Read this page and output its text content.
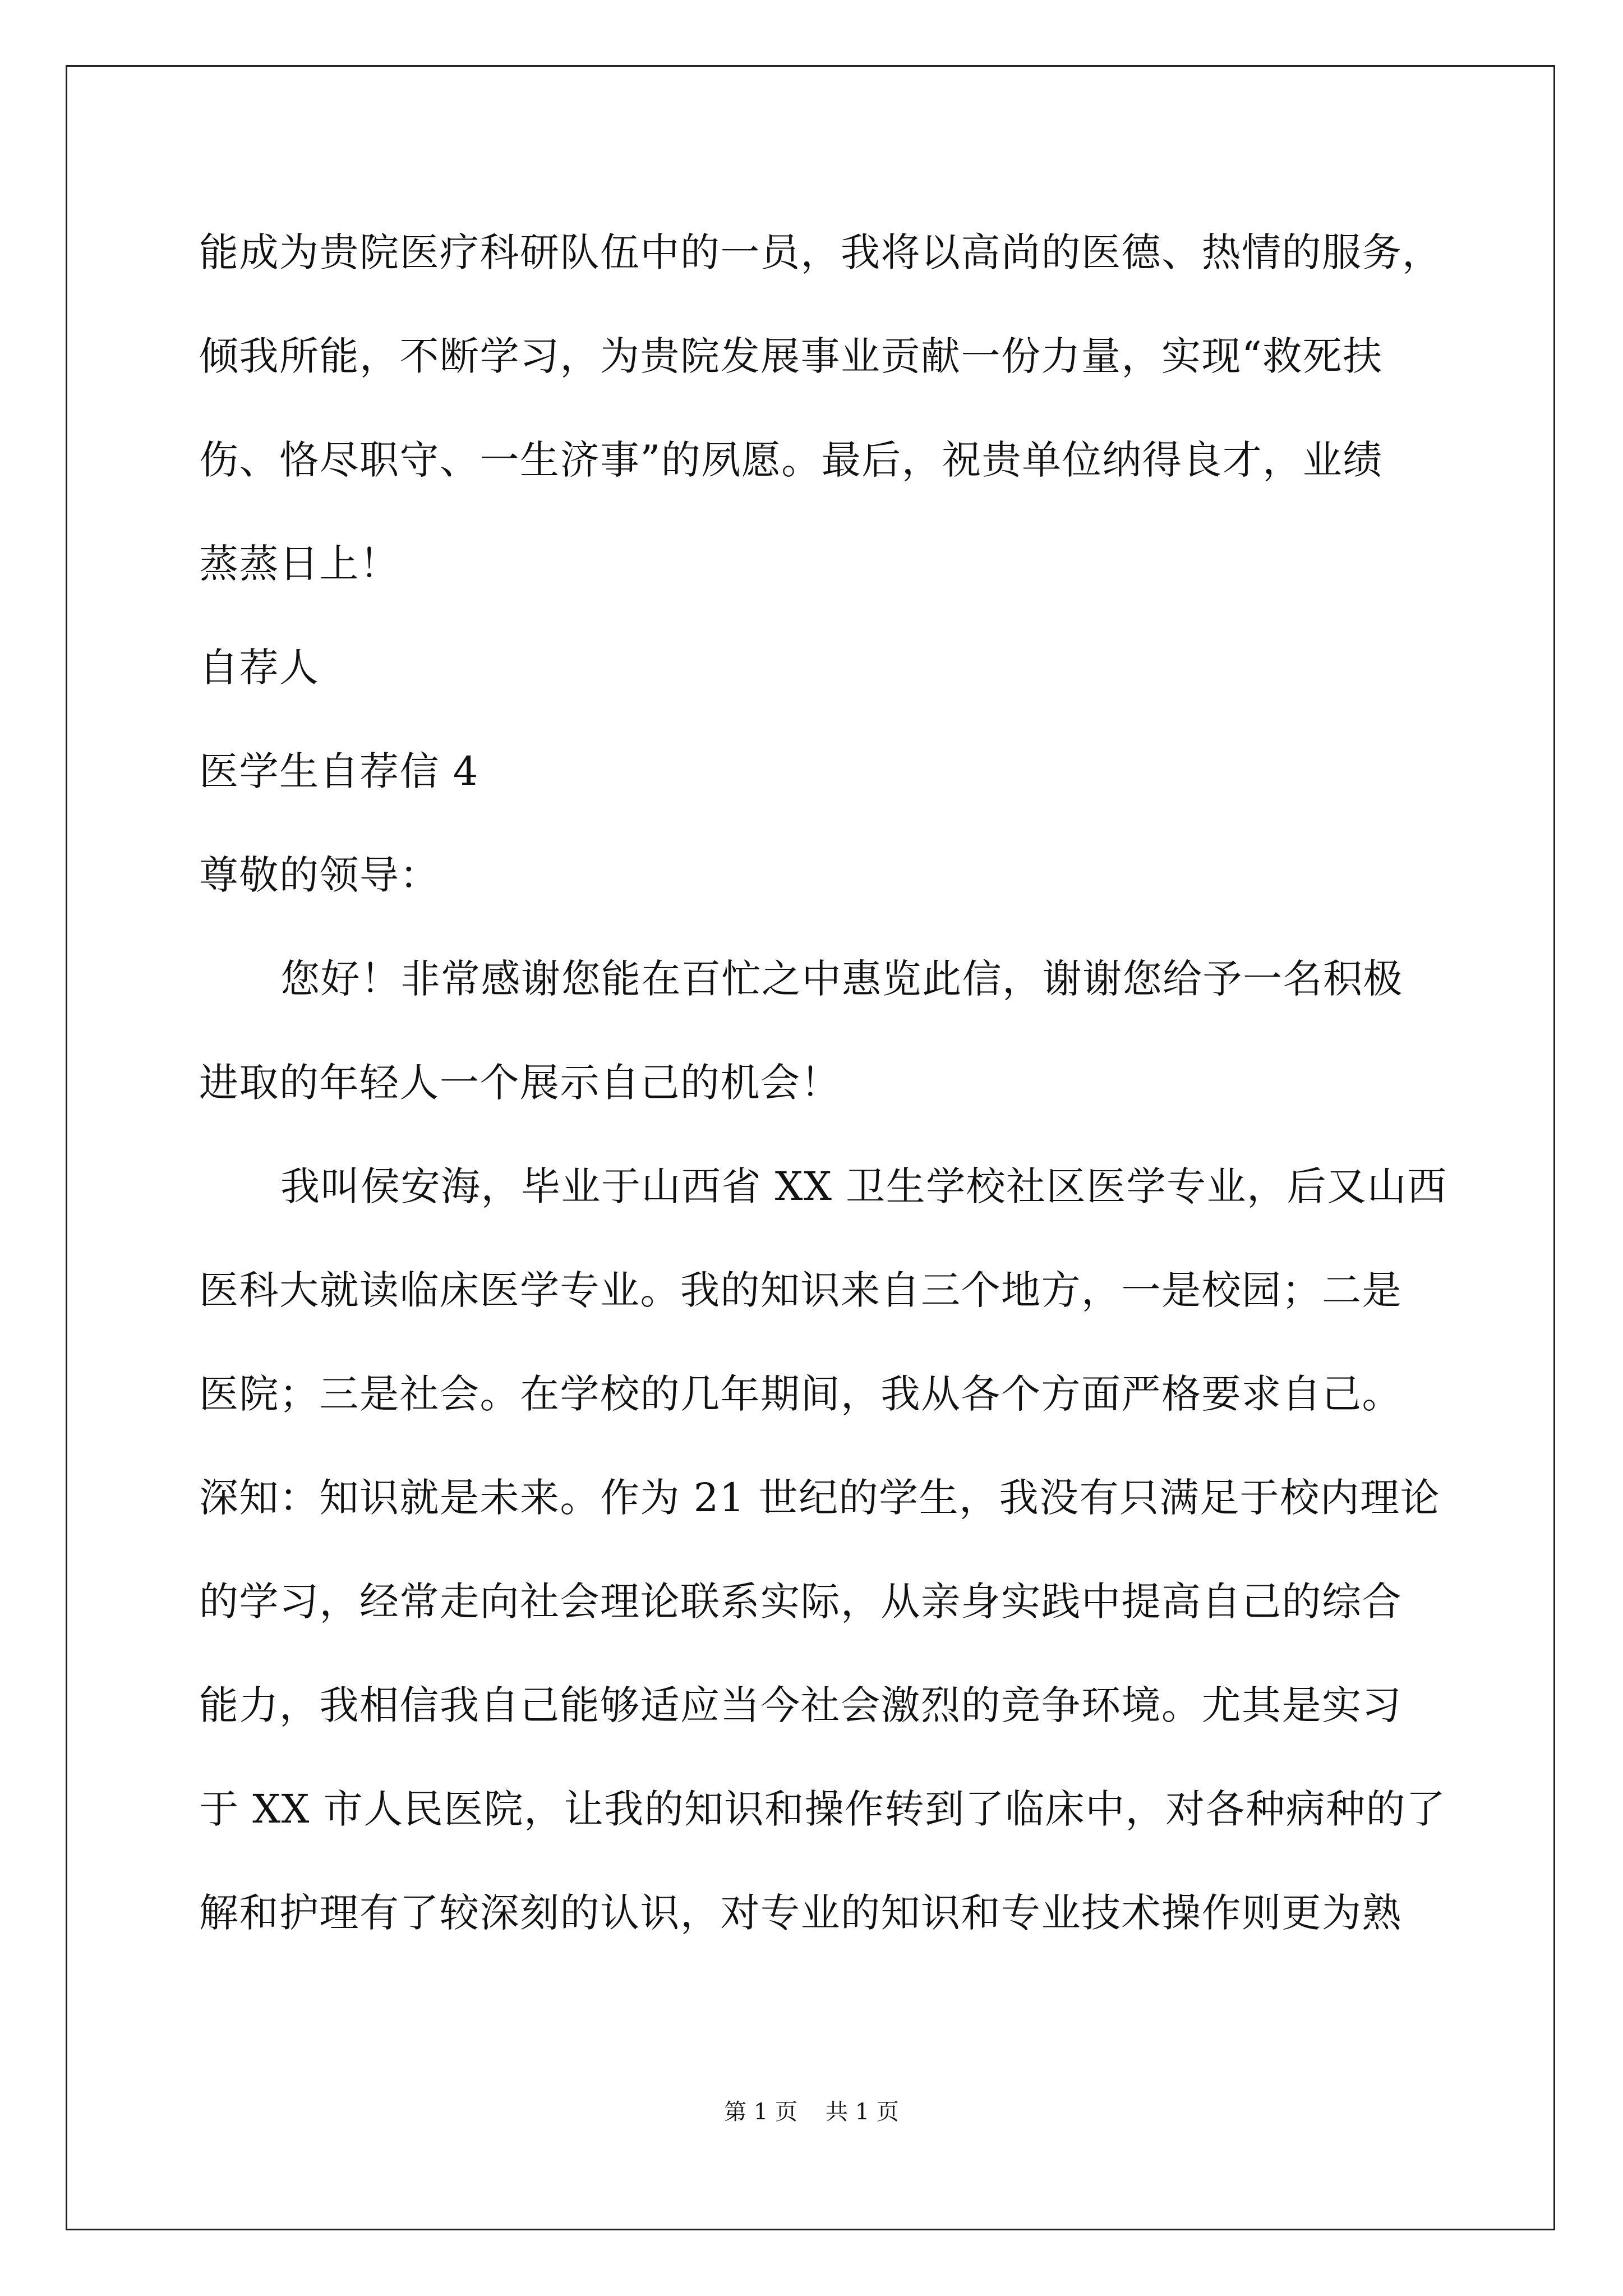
能成为贵院医疗科研队伍中的一员，我将以高尚的医德、热情的服务，
倾我所能，不断学习，为贵院发展事业贡献一份力量，实现“救死扶
伤、恪尽职守、一生济事”的夙愿。最后，祝贵单位纳得良才，业绩
蒸蒸日上！
自荐人
医学生自荐信 4
尊敬的领导：
您好！非常感谢您能在百忙之中惠览此信，谢谢您给予一名积极
进取的年轻人一个展示自己的机会！
我叫侯安海，毕业于山西省 XX 卫生学校社区医学专业，后又山西
医科大就读临床医学专业。我的知识来自三个地方，一是校园；二是
医院；三是社会。在学校的几年期间，我从各个方面严格要求自己。
深知：知识就是未来。作为 21 世纪的学生，我没有只满足于校内理论
的学习，经常走向社会理论联系实际，从亲身实践中提高自己的综合
能力，我相信我自己能够适应当今社会激烈的竞争环境。尤其是实习
于 XX 市人民医院，让我的知识和操作转到了临床中，对各种病种的了
解和护理有了较深刻的认识，对专业的知识和专业技术操作则更为熟
第 1 页 共 1 页
